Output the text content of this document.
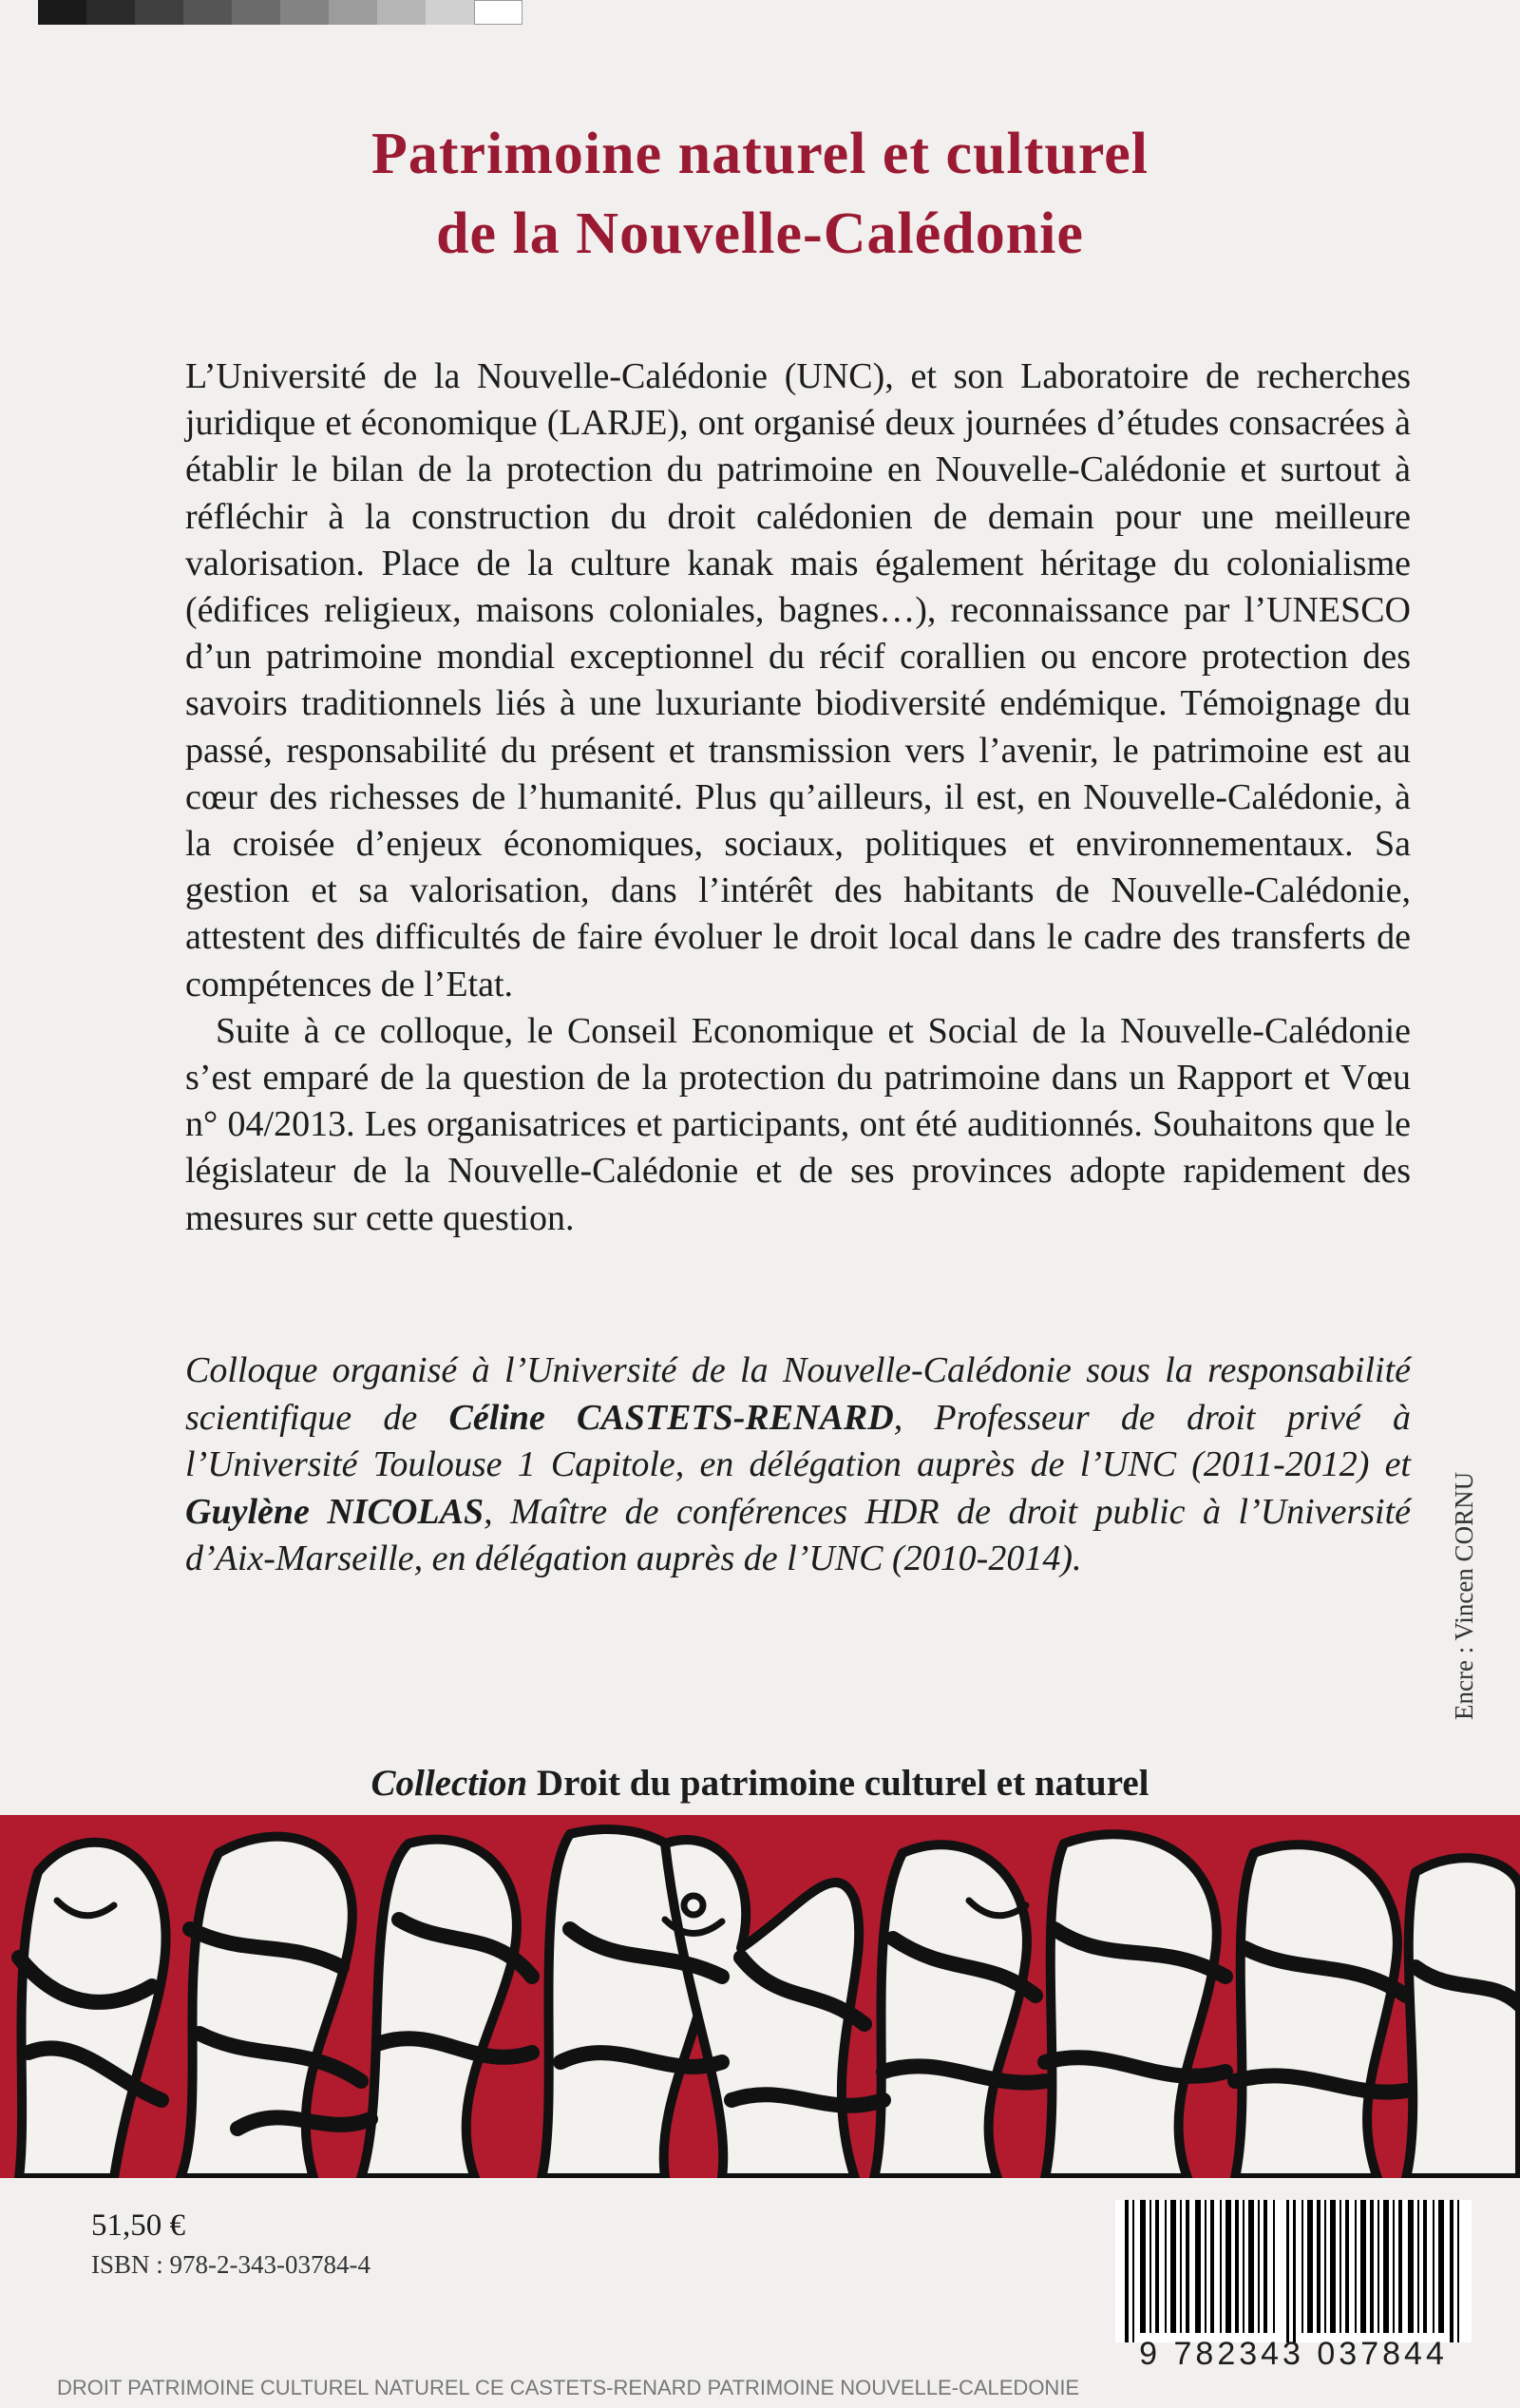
Patrimoine naturel et culturel
de la Nouvelle-Calédonie

L’Université de la Nouvelle-Calédonie (UNC), et son Laboratoire de recherches juridique et économique (LARJE), ont organisé deux journées d’études consacrées à établir le bilan de la protection du patrimoine en Nouvelle-Calédonie et surtout à réfléchir à la construction du droit calédonien de demain pour une meilleure valorisation. Place de la culture kanak mais également héritage du colonialisme (édifices religieux, maisons coloniales, bagnes…), reconnaissance par l’UNESCO d’un patrimoine mondial exceptionnel du récif corallien ou encore protection des savoirs traditionnels liés à une luxuriante biodiversité endémique. Témoignage du passé, responsabilité du présent et transmission vers l’avenir, le patrimoine est au cœur des richesses de l’humanité. Plus qu’ailleurs, il est, en Nouvelle-Calédonie, à la croisée d’enjeux économiques, sociaux, politiques et environnementaux. Sa gestion et sa valorisation, dans l’intérêt des habitants de Nouvelle-Calédonie, attestent des difficultés de faire évoluer le droit local dans le cadre des transferts de compétences de l’Etat.

Suite à ce colloque, le Conseil Economique et Social de la Nouvelle-Calédonie s’est emparé de la question de la protection du patrimoine dans un Rapport et Vœu n° 04/2013. Les organisatrices et participants, ont été auditionnés. Souhaitons que le législateur de la Nouvelle-Calédonie et de ses provinces adopte rapidement des mesures sur cette question.

Colloque organisé à l’Université de la Nouvelle-Calédonie sous la responsabilité scientifique de Céline CASTETS-RENARD, Professeur de droit privé à l’Université Toulouse 1 Capitole, en délégation auprès de l’UNC (2011-2012) et Guylène NICOLAS, Maître de conférences HDR de droit public à l’Université d’Aix-Marseille, en délégation auprès de l’UNC (2010-2014).	Encre : Vincen CORNU
Collection Droit du patrimoine culturel et naturel
51,50 €
ISBN : 978-2-343-03784-4
9 782343 037844
DROIT PATRIMOINE CULTUREL NATUREL CE CASTETS-RENARD PATRIMOINE NOUVELLE-CALEDONIE
